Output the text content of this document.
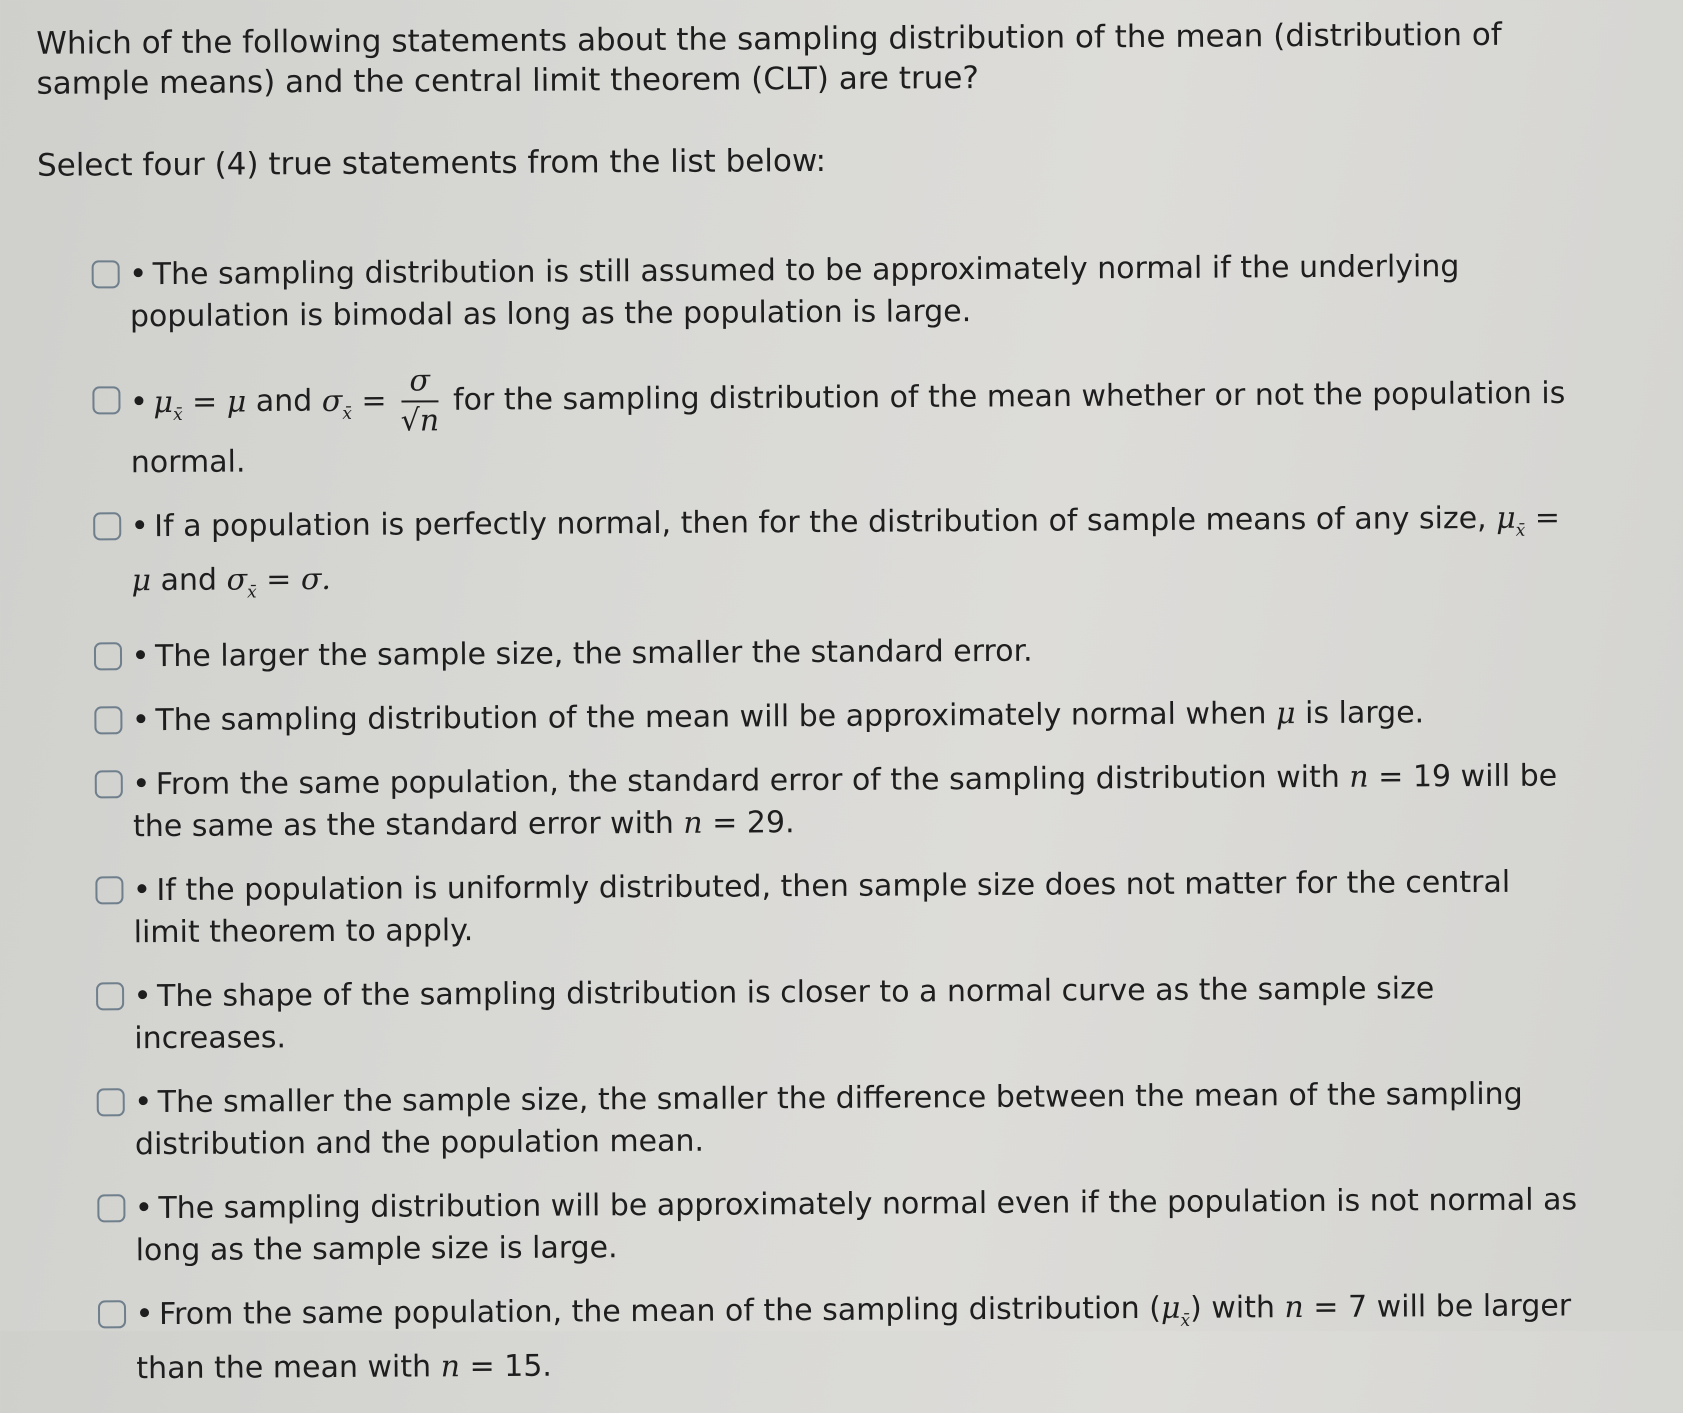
Which of the following statements about the sampling distribution of the mean (distribution of sample means) and the central limit theorem (CLT) are true?
Select four (4) true statements from the list below:
The sampling distribution is still assumed to be approximately normal if the underlying population is bimodal as long as the population is large.
$\mu_{x̄} = \mu$ and $\sigma_{x̄} = \frac{\sigma}{√n}$ for the sampling distribution of the mean whether or not the population is normal.
If a population is perfectly normal, then for the distribution of sample means of any size, $\mu_{x̄} = \mu$ and $\sigma_{x̄} = \sigma$.
The larger the sample size, the smaller the standard error.
The sampling distribution of the mean will be approximately normal when μ is large.
From the same population, the standard error of the sampling distribution with n = 19 will be the same as the standard error with n = 29.
If the population is uniformly distributed, then sample size does not matter for the central limit theorem to apply.
The shape of the sampling distribution is closer to a normal curve as the sample size increases.
The smaller the sample size, the smaller the difference between the mean of the sampling distribution and the population mean.
The sampling distribution will be approximately normal even if the population is not normal as long as the sample size is large.
From the same population, the mean of the sampling distribution $(\mu_{x̄})$ with n = 7 will be larger than the mean with n = 15.
